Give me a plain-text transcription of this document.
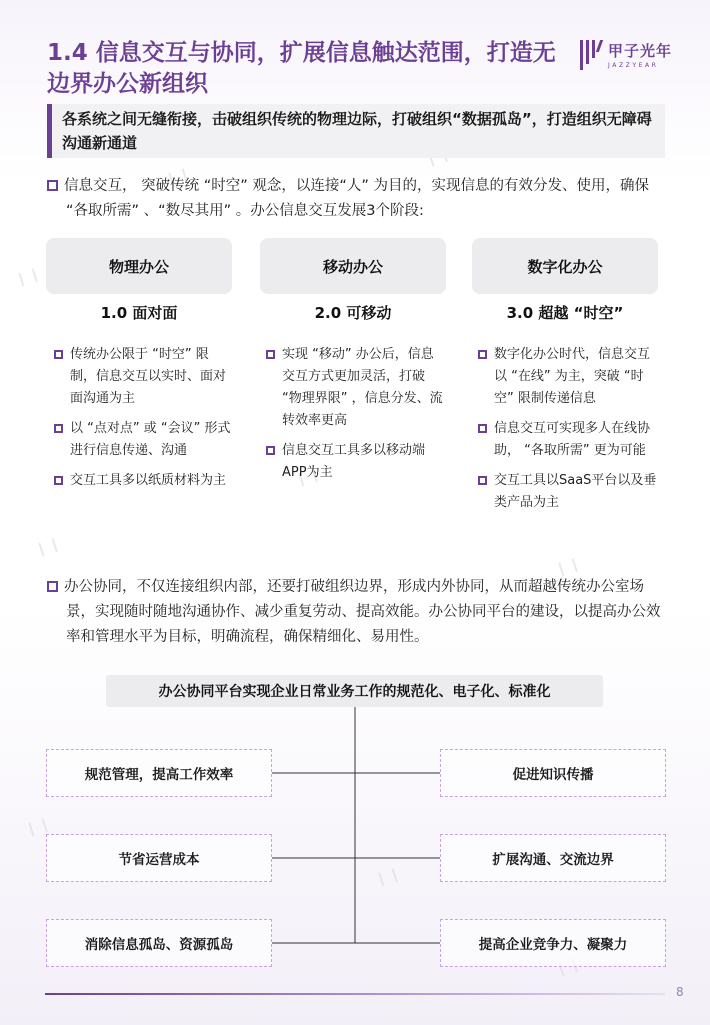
1.4 信息交互与协同，扩展信息触达范围，打造无边界办公新组织
甲子光年
JAZZYEAR
各系统之间无缝衔接，击破组织传统的物理边际，打破组织“数据孤岛”，打造组织无障碍沟通新通道
信息交互， 突破传统 “时空” 观念，以连接“人” 为目的，实现信息的有效分发、使用，确保 “各取所需” 、“数尽其用” 。办公信息交互发展3个阶段:
物理办公
1.0 面对面
传统办公限于 “时空” 限制，信息交互以实时、面对面沟通为主
以 “点对点” 或 “会议” 形式进行信息传递、沟通
交互工具多以纸质材料为主
移动办公
2.0 可移动
实现 “移动” 办公后，信息交互方式更加灵活，打破 “物理界限” ，信息分发、流转效率更高
信息交互工具多以移动端APP为主
数字化办公
3.0 超越 “时空”
数字化办公时代，信息交互以 “在线” 为主，突破 “时空” 限制传递信息
信息交互可实现多人在线协助， “各取所需” 更为可能
交互工具以SaaS平台以及垂类产品为主
办公协同，不仅连接组织内部，还要打破组织边界，形成内外协同，从而超越传统办公室场景，实现随时随地沟通协作、减少重复劳动、提高效能。办公协同平台的建设，以提高办公效率和管理水平为目标，明确流程，确保精细化、易用性。
办公协同平台实现企业日常业务工作的规范化、电子化、标准化
规范管理，提高工作效率
节省运营成本
消除信息孤岛、资源孤岛
促进知识传播
扩展沟通、交流边界
提高企业竞争力、凝聚力
8
